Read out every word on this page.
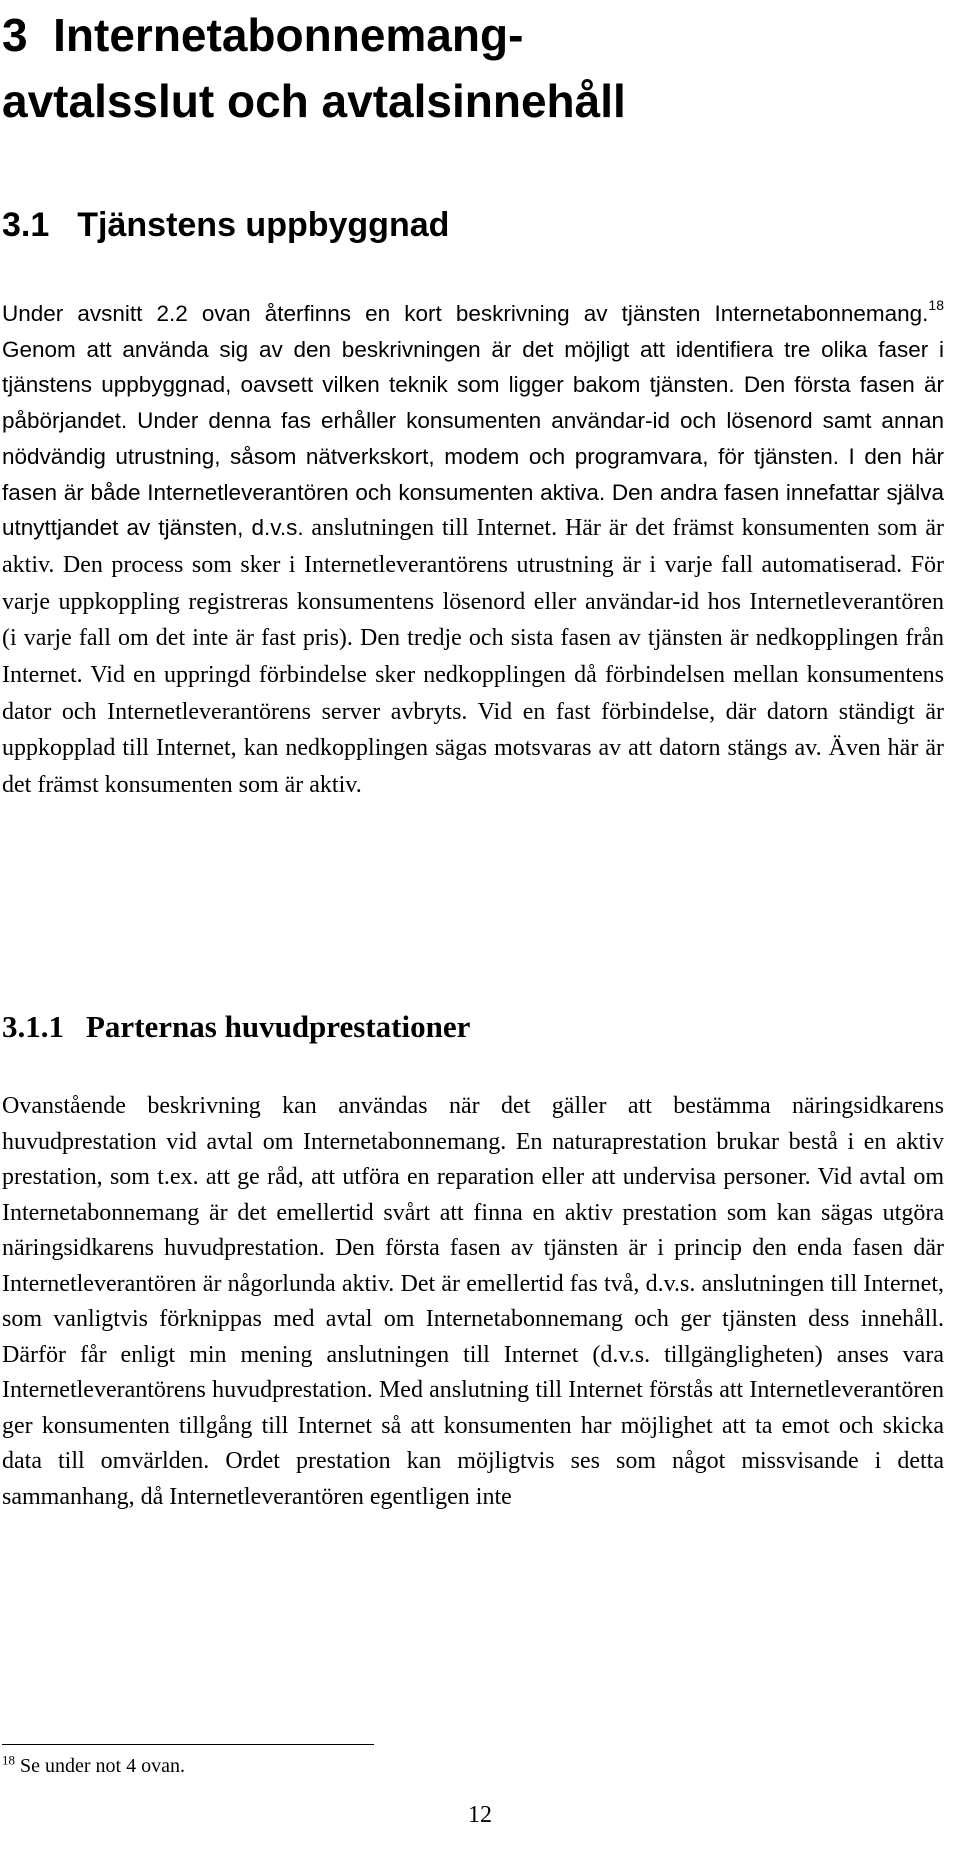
3 Internetabonnemang-
avtalsslut och avtalsinnehåll
3.1 Tjänstens uppbyggnad

Under avsnitt 2.2 ovan återfinns en kort beskrivning av tjänsten Internetabonnemang.$^{18}$ Genom att använda sig av den beskrivningen är det möjligt att identifiera tre olika faser i tjänstens uppbyggnad, oavsett vilken teknik som ligger bakom tjänsten. Den första fasen är påbörjandet. Under denna fas erhåller konsumenten användar-id och lösenord samt annan nödvändig utrustning, såsom nätverkskort, modem och programvara, för tjänsten. I den här fasen är både Internetleverantören och konsumenten aktiva. Den andra fasen innefattar själva utnyttjandet av tjänsten, d.v.s. anslutningen till Internet. Här är det främst konsumenten som är aktiv. Den process som sker i Internetleverantörens utrustning är i varje fall automatiserad. För varje uppkoppling registreras konsumentens lösenord eller användar-id hos Internetleverantören (i varje fall om det inte är fast pris). Den tredje och sista fasen av tjänsten är nedkopplingen från Internet. Vid en uppringd förbindelse sker nedkopplingen då förbindelsen mellan konsumentens dator och Internetleverantörens server avbryts. Vid en fast förbindelse, där datorn ständigt är uppkopplad till Internet, kan nedkopplingen sägas motsvaras av att datorn stängs av. Även här är det främst konsumenten som är aktiv.

3.1.1 Parternas huvudprestationer

Ovanstående beskrivning kan användas när det gäller att bestämma näringsidkarens huvudprestation vid avtal om Internetabonnemang. En naturaprestation brukar bestå i en aktiv prestation, som t.ex. att ge råd, att utföra en reparation eller att undervisa personer. Vid avtal om Internetabonnemang är det emellertid svårt att finna en aktiv prestation som kan sägas utgöra näringsidkarens huvudprestation. Den första fasen av tjänsten är i princip den enda fasen där Internetleverantören är någorlunda aktiv. Det är emellertid fas två, d.v.s. anslutningen till Internet, som vanligtvis förknippas med avtal om Internetabonnemang och ger tjänsten dess innehåll. Därför får enligt min mening anslutningen till Internet (d.v.s. tillgängligheten) anses vara Internetleverantörens huvudprestation. Med anslutning till Internet förstås att Internetleverantören ger konsumenten tillgång till Internet så att konsumenten har möjlighet att ta emot och skicka data till omvärlden. Ordet prestation kan möjligtvis ses som något missvisande i detta sammanhang, då Internetleverantören egentligen inte

$^{18}$ Se under not 4 ovan.

12
